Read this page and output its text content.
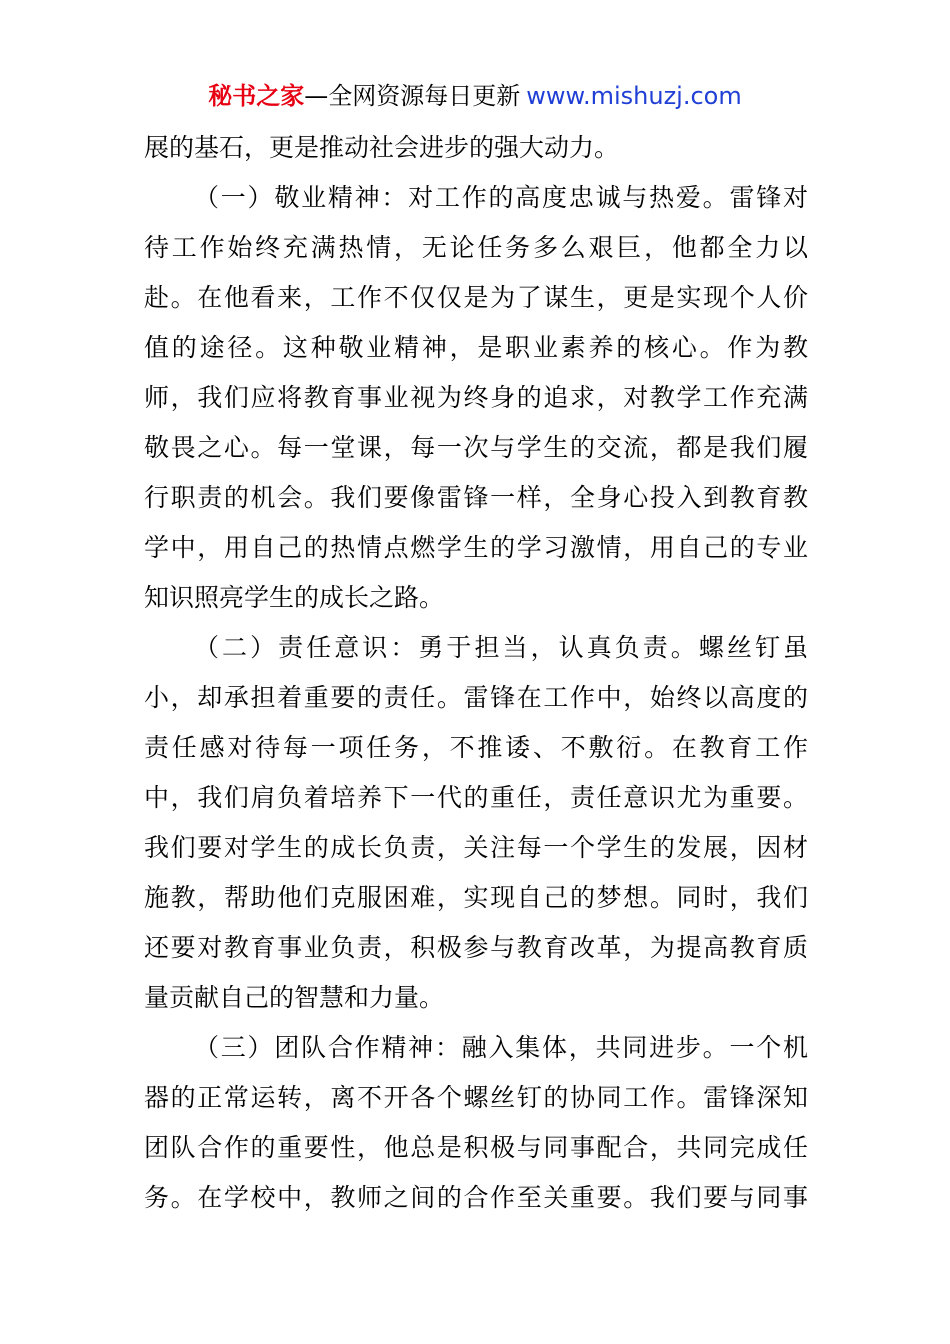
秘书之家—全网资源每日更新 www.mishuzj.com
展的基石，更是推动社会进步的强大动力。
（一）敬业精神：对工作的高度忠诚与热爱。雷锋对
待工作始终充满热情，无论任务多么艰巨，他都全力以
赴。在他看来，工作不仅仅是为了谋生，更是实现个人价
值的途径。这种敬业精神，是职业素养的核心。作为教
师，我们应将教育事业视为终身的追求，对教学工作充满
敬畏之心。每一堂课，每一次与学生的交流，都是我们履
行职责的机会。我们要像雷锋一样，全身心投入到教育教
学中，用自己的热情点燃学生的学习激情，用自己的专业
知识照亮学生的成长之路。
（二）责任意识：勇于担当，认真负责。螺丝钉虽
小，却承担着重要的责任。雷锋在工作中，始终以高度的
责任感对待每一项任务，不推诿、不敷衍。在教育工作
中，我们肩负着培养下一代的重任，责任意识尤为重要。
我们要对学生的成长负责，关注每一个学生的发展，因材
施教，帮助他们克服困难，实现自己的梦想。同时，我们
还要对教育事业负责，积极参与教育改革，为提高教育质
量贡献自己的智慧和力量。
（三）团队合作精神：融入集体，共同进步。一个机
器的正常运转，离不开各个螺丝钉的协同工作。雷锋深知
团队合作的重要性，他总是积极与同事配合，共同完成任
务。在学校中，教师之间的合作至关重要。我们要与同事
